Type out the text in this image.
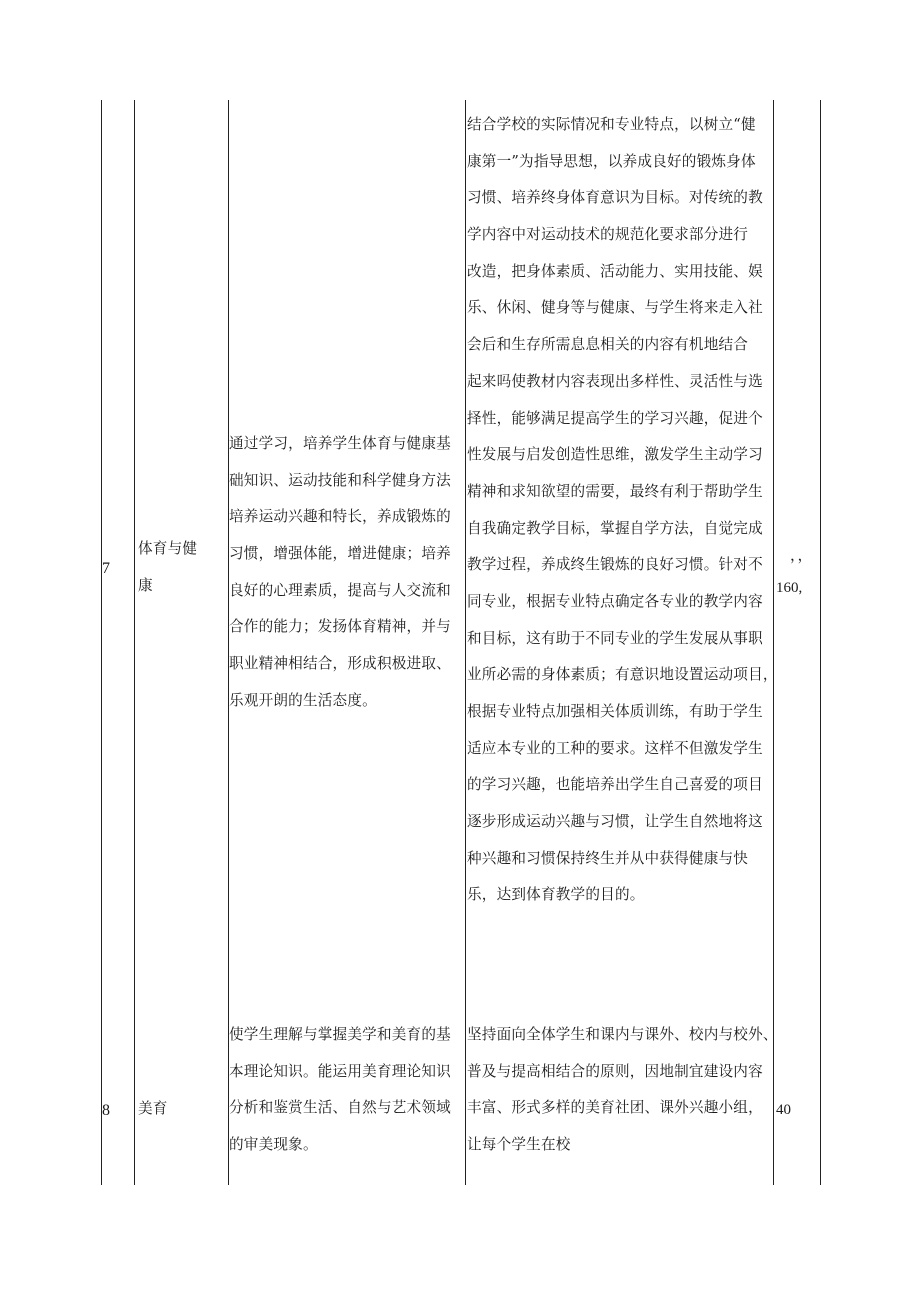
7
体育与健
康
通过学习，培养学生体育与健康基
础知识、运动技能和科学健身方法
培养运动兴趣和特长，养成锻炼的
习惯，增强体能，增进健康；培养
良好的心理素质，提高与人交流和
合作的能力；发扬体育精神，并与
职业精神相结合，形成积极进取、
乐观开朗的生活态度。
结合学校的实际情况和专业特点，以树立“健
康第一”为指导思想，以养成良好的锻炼身体
习惯、培养终身体育意识为目标。对传统的教
学内容中对运动技术的规范化要求部分进行
改造，把身体素质、活动能力、实用技能、娱
乐、休闲、健身等与健康、与学生将来走入社
会后和生存所需息息相关的内容有机地结合
起来吗使教材内容表现出多样性、灵活性与选
择性，能够满足提高学生的学习兴趣，促进个
性发展与启发创造性思维，激发学生主动学习
精神和求知欲望的需要，最终有利于帮助学生
自我确定教学目标，掌握自学方法，自觉完成
教学过程，养成终生锻炼的良好习惯。针对不
同专业，根据专业特点确定各专业的教学内容
和目标，这有助于不同专业的学生发展从事职
业所必需的身体素质；有意识地设置运动项目，
根据专业特点加强相关体质训练，有助于学生
适应本专业的工种的要求。这样不但激发学生
的学习兴趣，也能培养出学生自己喜爱的项目
逐步形成运动兴趣与习惯，让学生自然地将这
种兴趣和习惯保持终生并从中获得健康与快
乐，达到体育教学的目的。
，，
160,
8 美育
使学生理解与掌握美学和美育的基
本理论知识。能运用美育理论知识
分析和鉴赏生活、自然与艺术领域
的审美现象。
坚持面向全体学生和课内与课外、校内与校外、
普及与提高相结合的原则，因地制宜建设内容
丰富、形式多样的美育社团、课外兴趣小组，
让每个学生在校
40
